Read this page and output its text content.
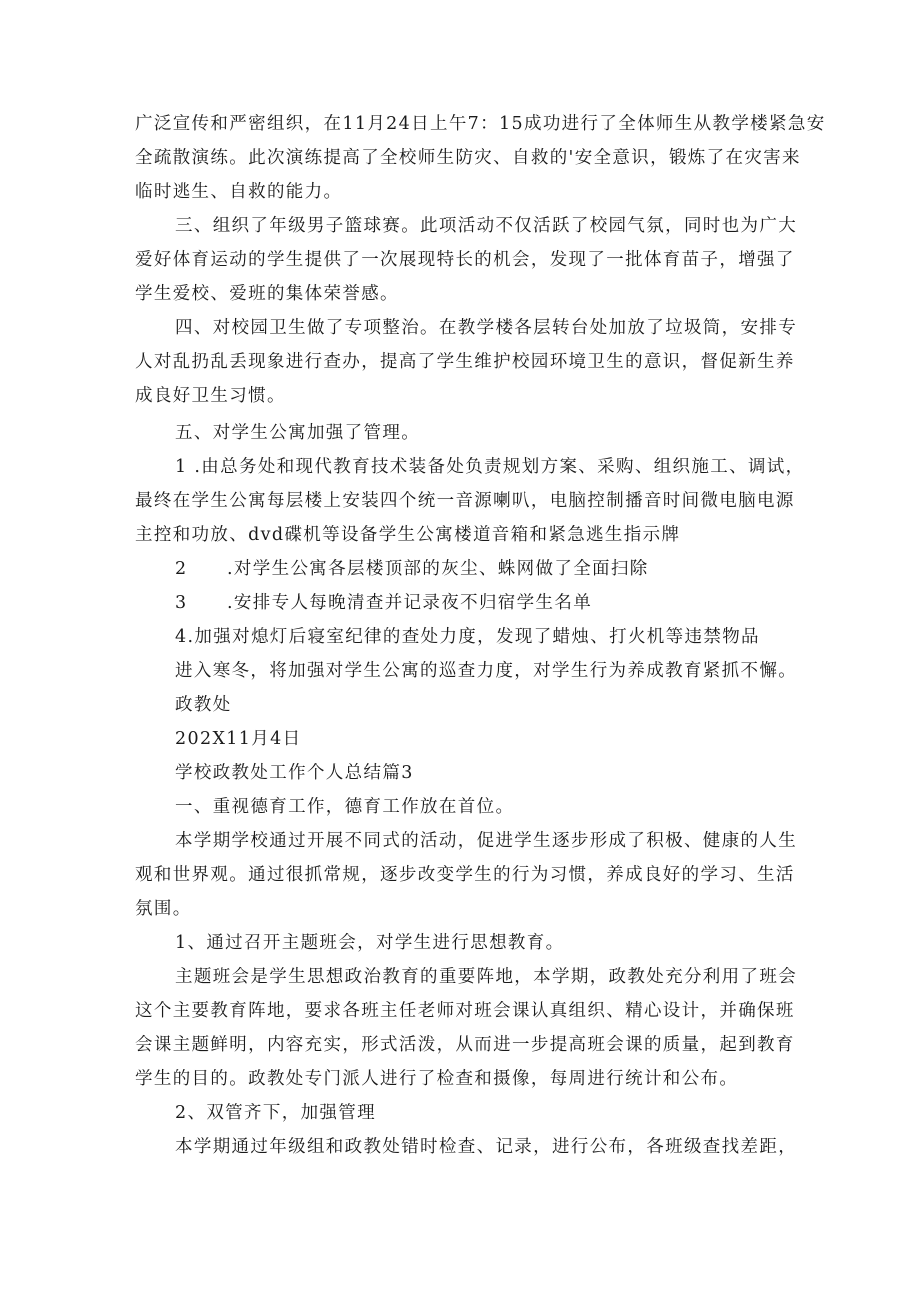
广泛宣传和严密组织，在11月24日上午7：15成功进行了全体师生从教学楼紧急安
全疏散演练。此次演练提高了全校师生防灾、自救的'安全意识，锻炼了在灾害来
临时逃生、自救的能力。
三、组织了年级男子篮球赛。此项活动不仅活跃了校园气氛，同时也为广大
爱好体育运动的学生提供了一次展现特长的机会，发现了一批体育苗子，增强了
学生爱校、爱班的集体荣誉感。
四、对校园卫生做了专项整治。在教学楼各层转台处加放了垃圾筒，安排专
人对乱扔乱丢现象进行查办，提高了学生维护校园环境卫生的意识，督促新生养
成良好卫生习惯。
五、对学生公寓加强了管理。
1 .由总务处和现代教育技术装备处负责规划方案、采购、组织施工、调试，
最终在学生公寓每层楼上安装四个统一音源喇叭，电脑控制播音时间微电脑电源
主控和功放、dvd碟机等设备学生公寓楼道音箱和紧急逃生指示牌
2 .对学生公寓各层楼顶部的灰尘、蛛网做了全面扫除
3 .安排专人每晚清查并记录夜不归宿学生名单
4.加强对熄灯后寝室纪律的查处力度，发现了蜡烛、打火机等违禁物品
进入寒冬，将加强对学生公寓的巡查力度，对学生行为养成教育紧抓不懈。
政教处
202X11月4日
学校政教处工作个人总结篇3
一、重视德育工作，德育工作放在首位。
本学期学校通过开展不同式的活动，促进学生逐步形成了积极、健康的人生
观和世界观。通过很抓常规，逐步改变学生的行为习惯，养成良好的学习、生活
氛围。
1、通过召开主题班会，对学生进行思想教育。
主题班会是学生思想政治教育的重要阵地，本学期，政教处充分利用了班会
这个主要教育阵地，要求各班主任老师对班会课认真组织、精心设计，并确保班
会课主题鲜明，内容充实，形式活泼，从而进一步提高班会课的质量，起到教育
学生的目的。政教处专门派人进行了检查和摄像，每周进行统计和公布。
2、双管齐下，加强管理
本学期通过年级组和政教处错时检查、记录，进行公布，各班级查找差距，
